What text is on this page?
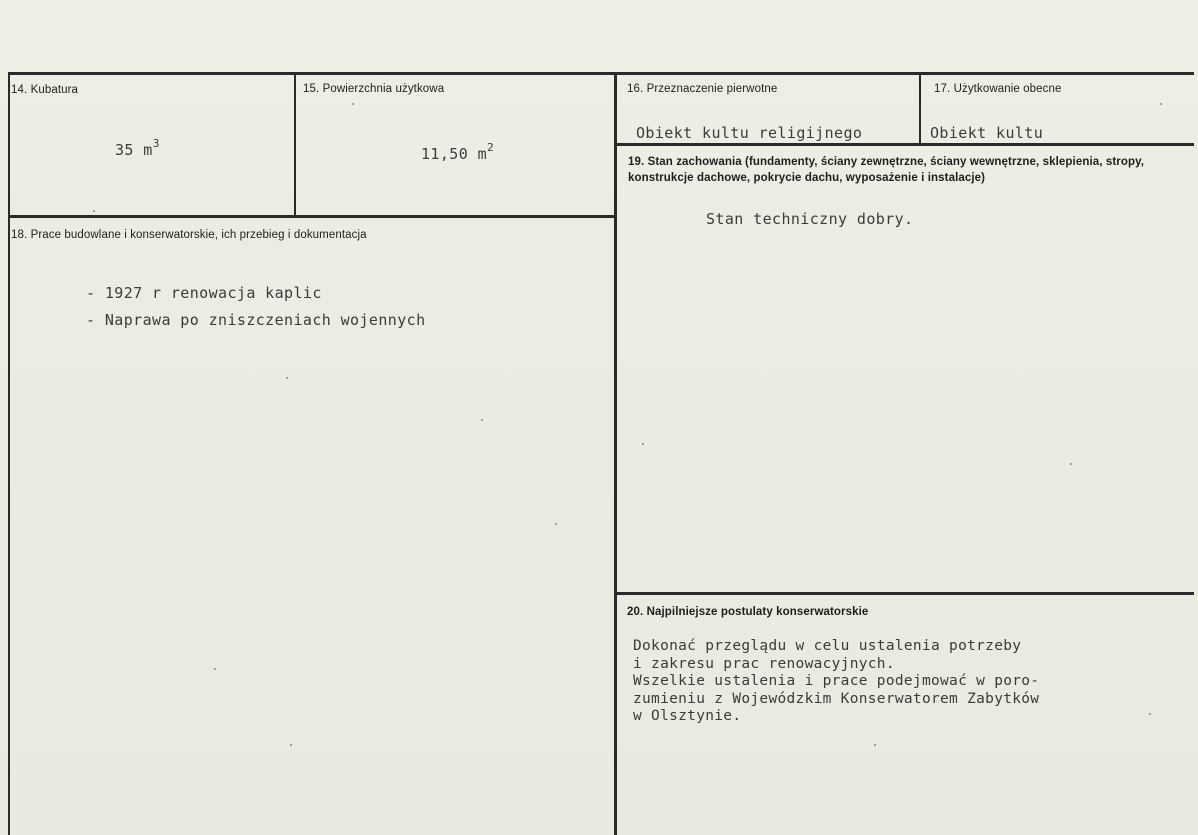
14. Kubatura
35 $m^3$
15. Powierzchnia użytkowa
11,50 $m^2$
16. Przeznaczenie pierwotne
Obiekt kultu religijnego
17. Użytkowanie obecne
Obiekt kultu
19. Stan zachowania (fundamenty, ściany zewnętrzne, ściany wewnętrzne, sklepienia, stropy, konstrukcje dachowe, pokrycie dachu, wyposażenie i instalacje)
Stan techniczny dobry.
18. Prace budowlane i konserwatorskie, ich przebieg i dokumentacja
- 1927 r renowacja kaplic
- Naprawa po zniszczeniach wojennych
20. Najpilniejsze postulaty konserwatorskie
Dokonać przeglądu w celu ustalenia potrzeby
i zakresu prac renowacyjnych.
Wszelkie ustalenia i prace podejmować w poro-
zumieniu z Wojewódzkim Konserwatorem Zabytków
w Olsztynie.
